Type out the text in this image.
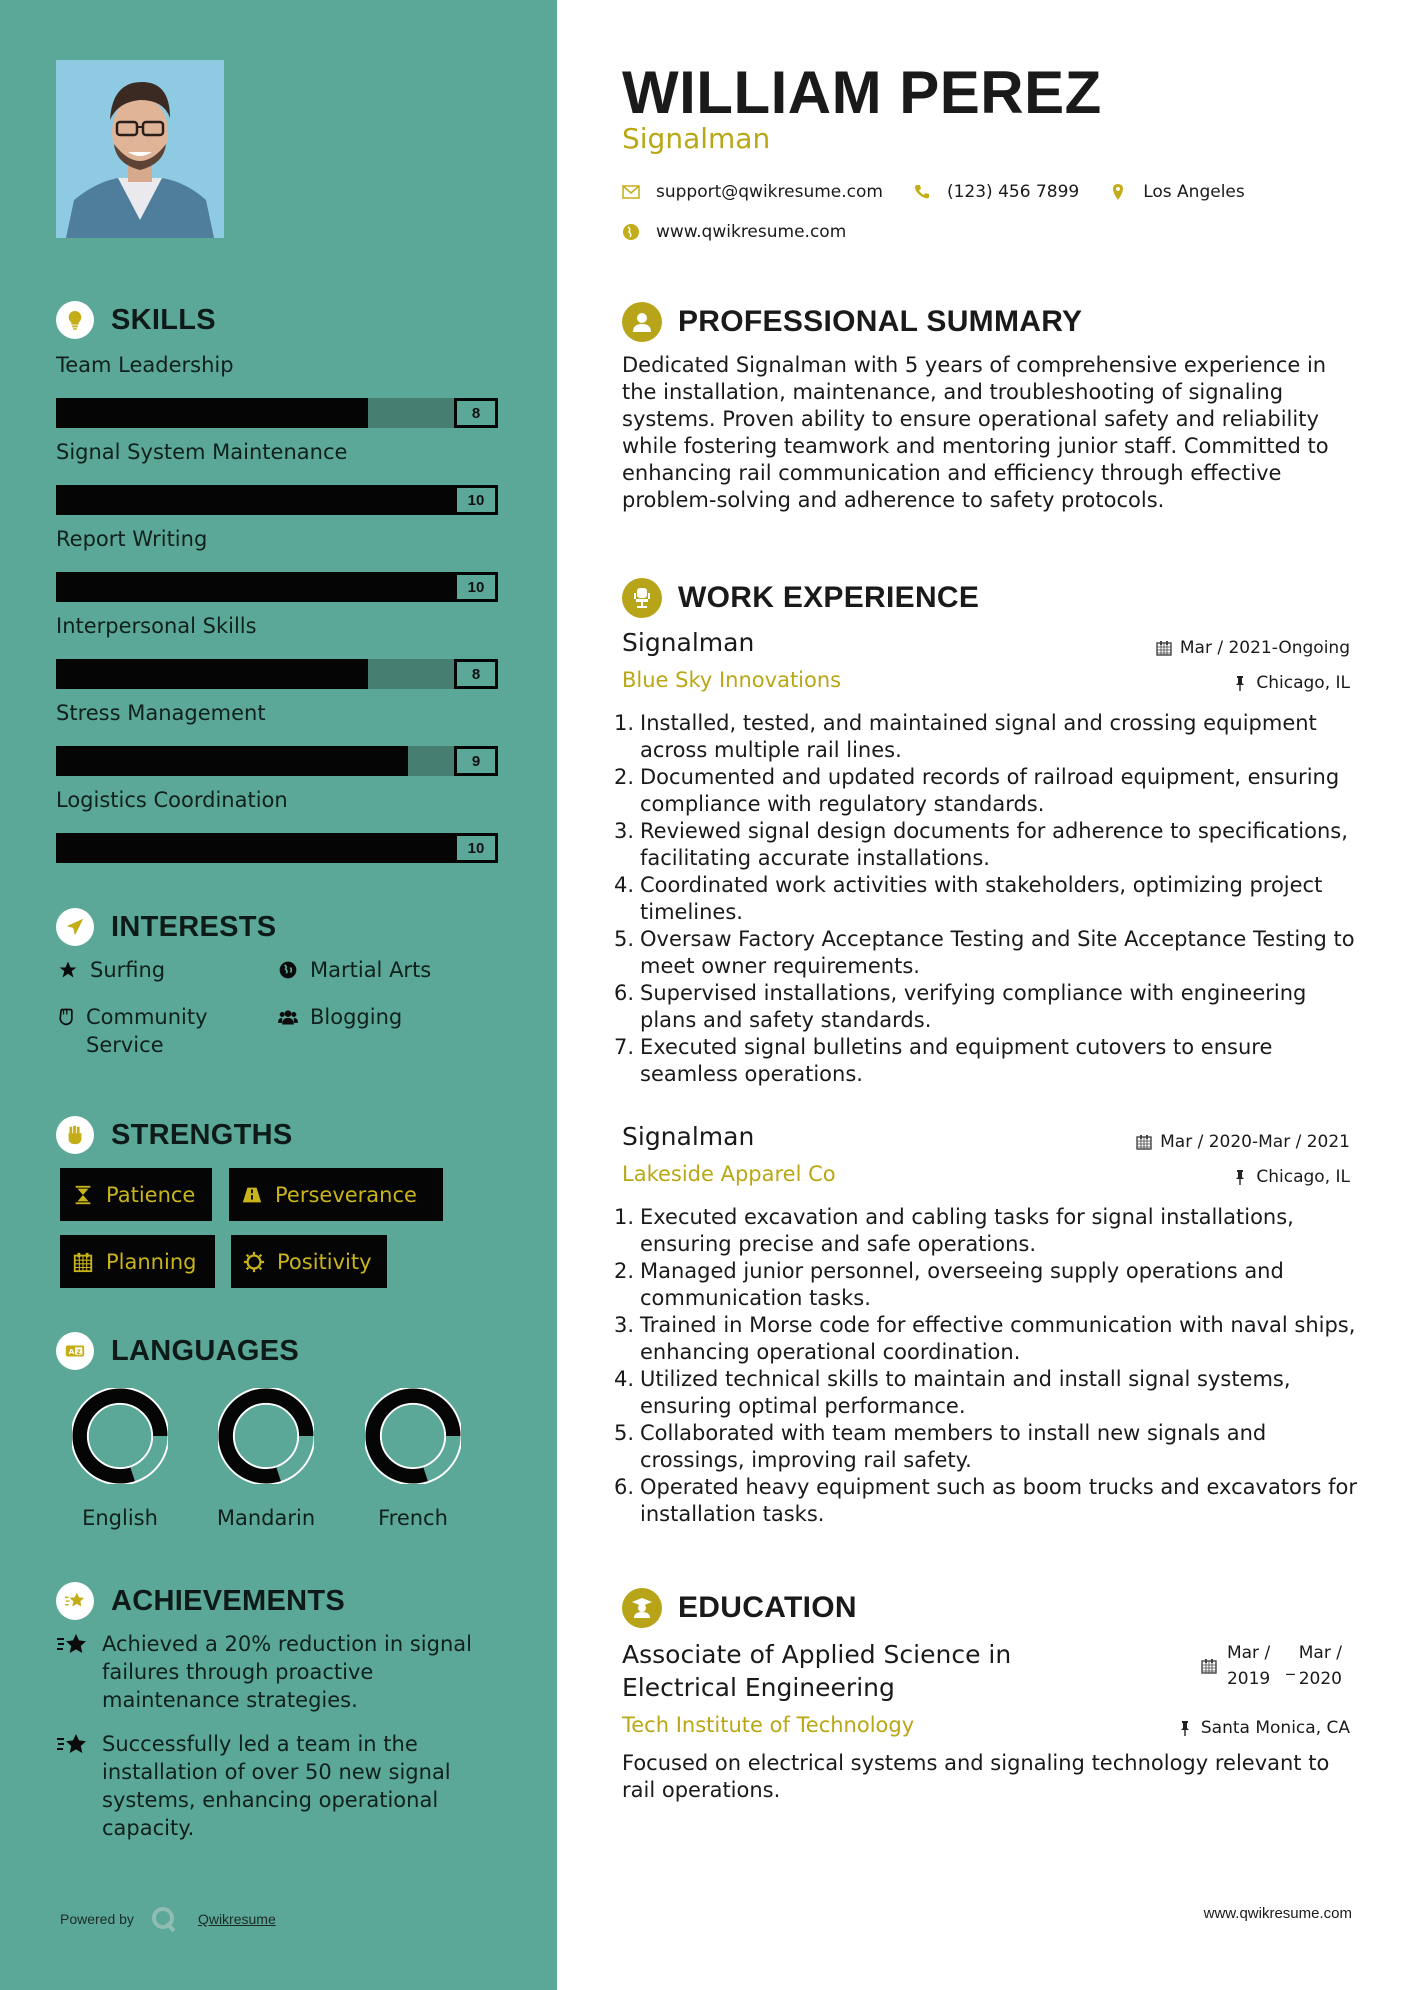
SKILLS
Team Leadership
8
Signal System Maintenance
10
Report Writing
10
Interpersonal Skills
8
Stress Management
9
Logistics Coordination
10
INTERESTS
Surfing	Martial Arts
Community Service
Blogging
STRENGTHS
Patience	Perseverance
Planning	Positivity
A Z LANGUAGES
English	Mandarin	French
ACHIEVEMENTS
Achieved a 20% reduction in signal failures through proactive maintenance strategies.
Successfully led a team in the installation of over 50 new signal systems, enhancing operational capacity.
Powered by	Qwikresume
WILLIAM PEREZ
Signalman
support@qwikresume.com	(123) 456 7899	Los Angeles
www.qwikresume.com
PROFESSIONAL SUMMARY

Dedicated Signalman with 5 years of comprehensive experience in the installation, maintenance, and troubleshooting of signaling systems. Proven ability to ensure operational safety and reliability while fostering teamwork and mentoring junior staff. Committed to enhancing rail communication and efficiency through effective problem-solving and adherence to safety protocols.

WORK EXPERIENCE
Signalman	Mar / 2021-Ongoing
Blue Sky Innovations	Chicago, IL
1. Installed, tested, and maintained signal and crossing equipment across multiple rail lines.
2. Documented and updated records of railroad equipment, ensuring compliance with regulatory standards.
3. Reviewed signal design documents for adherence to specifications, facilitating accurate installations.
4. Coordinated work activities with stakeholders, optimizing project timelines.
5. Oversaw Factory Acceptance Testing and Site Acceptance Testing to meet owner requirements.
6. Supervised installations, verifying compliance with engineering plans and safety standards.
7. Executed signal bulletins and equipment cutovers to ensure seamless operations.
Signalman	Mar / 2020-Mar / 2021
Lakeside Apparel Co	Chicago, IL
1. Executed excavation and cabling tasks for signal installations, ensuring precise and safe operations.
2. Managed junior personnel, overseeing supply operations and communication tasks.
3. Trained in Morse code for effective communication with naval ships, enhancing operational coordination.
4. Utilized technical skills to maintain and install signal systems, ensuring optimal performance.
5. Collaborated with team members to install new signals and crossings, improving rail safety.
6. Operated heavy equipment such as boom trucks and excavators for installation tasks.
EDUCATION
Associate of Applied Science in Electrical Engineering
Mar /
2019
_
Mar /
2020
Tech Institute of Technology	Santa Monica, CA

Focused on electrical systems and signaling technology relevant to rail operations.

www.qwikresume.com
